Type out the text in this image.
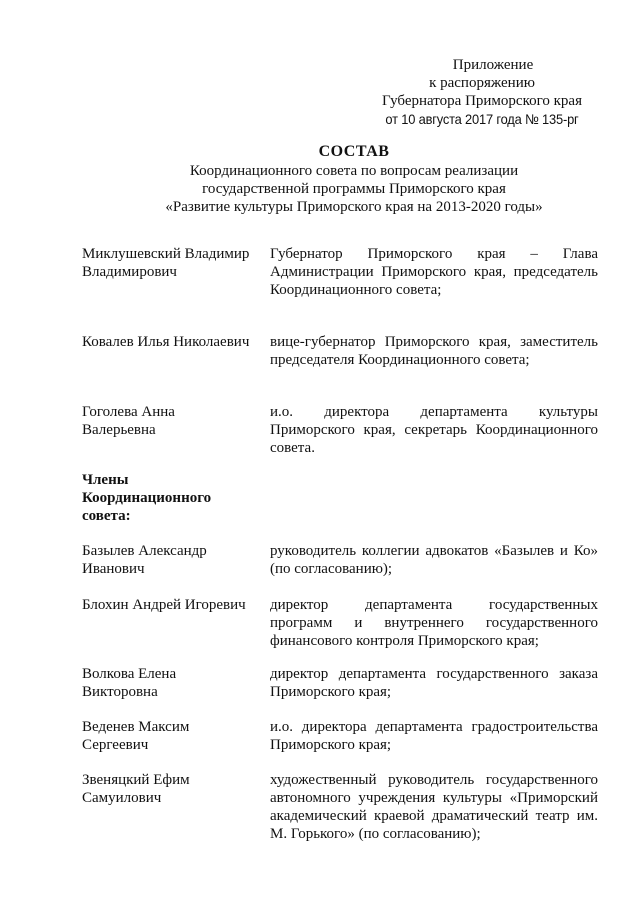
Приложение
к распоряжению
Губернатора Приморского края
от 10 августа 2017 года № 135-рг
СОСТАВ
Координационного совета по вопросам реализации
государственной программы Приморского края
«Развитие культуры Приморского края на 2013-2020 годы»
Миклушевский Владимир Владимирович
Губернатор Приморского края – Глава Администрации Приморского края, председатель Координационного совета;
Ковалев Илья Николаевич вице-губернатор Приморского края, заместитель председателя Координационного совета;
Гоголева Анна Валерьевна
и.о. директора департамента культуры Приморского края, секретарь Координационного совета.
Члены Координационного совета:
Базылев Александр Иванович
руководитель коллегии адвокатов «Базылев и Ко» (по согласованию);
Блохин Андрей Игоревич	директор департамента государственных программ и внутреннего государственного финансового контроля Приморского края;
Волкова Елена Викторовна
директор департамента государственного заказа Приморского края;
Веденев Максим Сергеевич
и.о. директора департамента градостроительства Приморского края;
Звеняцкий Ефим Самуилович
художественный руководитель государственного автономного учреждения культуры «Приморский академический краевой драматический театр им. М. Горького» (по согласованию);
